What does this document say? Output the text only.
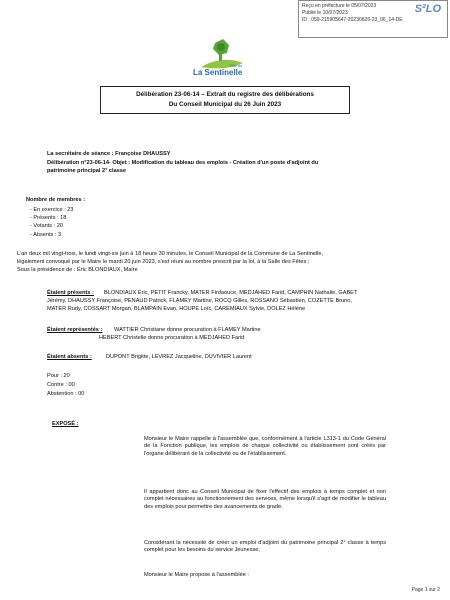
Reçu en préfecture le 05/07/2023
Publié le 10/07/2023
ID : 059-215905647-20230626-23_06_14-DE
S²LO
Ville de
La Sentinelle
Délibération 23-06-14 – Extrait du registre des délibérations
Du Conseil Municipal du 26 Juin 2023
La secrétaire de séance : Françoise DHAUSSY
Délibération n°23-06-14- Objet : Modification du tableau des emplois - Création d'un poste d'adjoint du
patrimoine principal 2° classe
Nombre de membres :
- En exercice : 23
- Présents : 18
- Votants : 20
- Absents : 3
L'an deux mil vingt-trois, le lundi vingt-six juin à 18 heure 30 minutes, le Conseil Municipal de la Commune de La Sentinelle,
légalement convoqué par le Maire le mardi 20 juin 2023, s'est réuni au nombre prescrit par la loi, à la Salle des Fêtes ;
Sous la présidence de : Éric BLONDIAUX, Maire
Étaient présents : BLONDIAUX Éric, PETIT Francky, MATER Firdaouce, MEDJAHED Farid, CAMPHIN Nathalie, GABET
Jérémy, DHAUSSY Françoise, PENAUD Patrick, FLAMEY Martine, ROCQ Gilles, ROSSANO Sébastien, COZETTE Bruno,
MATER Rudy, COSSART Morgan, BLAMPAIN Evan, HOUPE Loïc, CAREMIAUX Sylvie, DOLEZ Hélène
Étaient représentés : WATTIER Christiane donne procuration à FLAMEY Martine
HEBERT Christelle donne procuration à MEDJAHED Farid
Étaient absents :	DUPONT Brigitte, LEVREZ Jacqueline, DUVIVIER Laurent
Pour : 20
Contre : 00
Abstention : 00
EXPOSÉ :
Monsieur le Maire rappelle à l'assemblée que, conformément à l'article L313-1 du Code Général de la Fonction publique, les emplois de chaque collectivité ou établissement sont créés par l'organe délibérant de la collectivité ou de l'établissement.
Il appartient donc au Conseil Municipal de fixer l'effectif des emplois à temps complet et non complet nécessaires au fonctionnement des services, même lorsqu'il s'agit de modifier le tableau des emplois pour permettre des avancements de grade.
Considérant la nécessité de créer un emploi d'adjoint du patrimoine principal 2° classe à temps complet pour les besoins du service Jeunesse,
Monsieur le Maire propose à l'assemblée :
Page 1 sur 2
